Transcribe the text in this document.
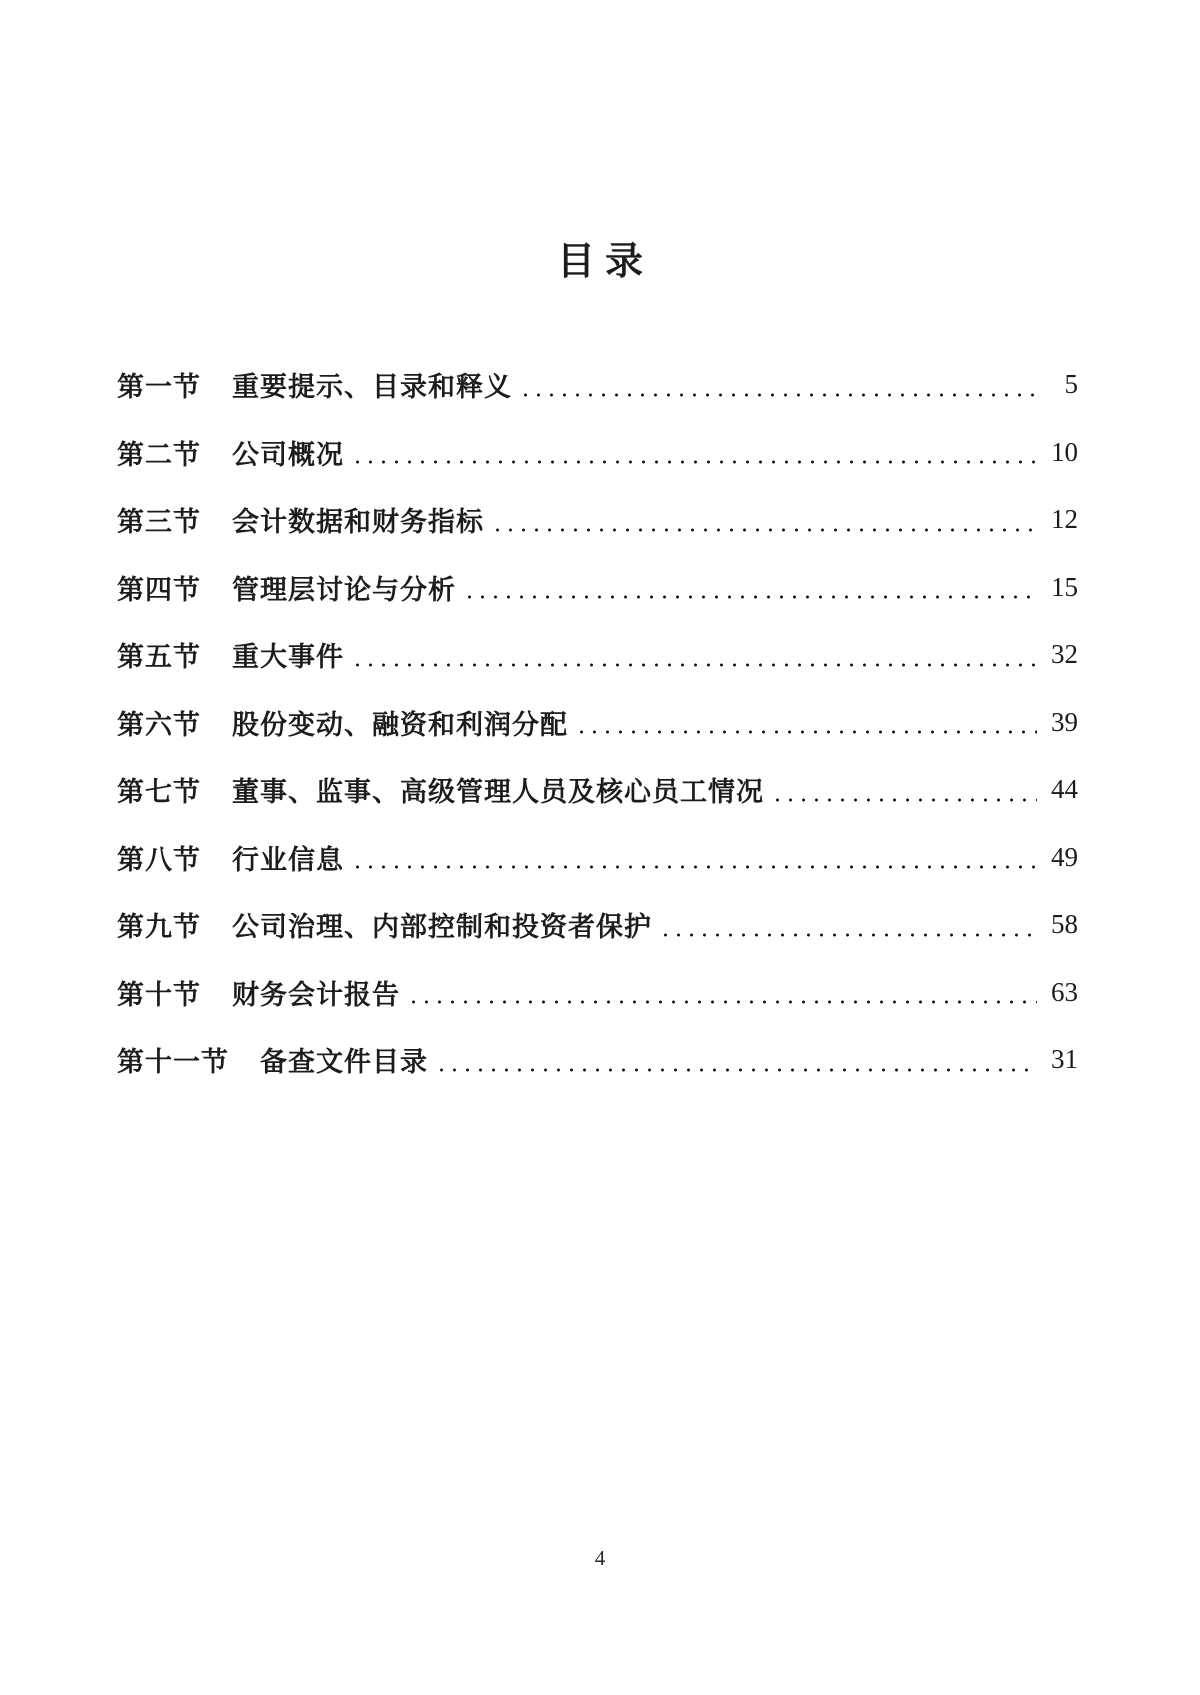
目录
第一节 重要提示、目录和释义	5
第二节 公司概况	10
第三节 会计数据和财务指标	12
第四节 管理层讨论与分析	15
第五节 重大事件	32
第六节 股份变动、融资和利润分配	39
第七节 董事、监事、高级管理人员及核心员工情况	44
第八节 行业信息	49
第九节 公司治理、内部控制和投资者保护	58
第十节 财务会计报告	63
第十一节 备查文件目录	31
4
